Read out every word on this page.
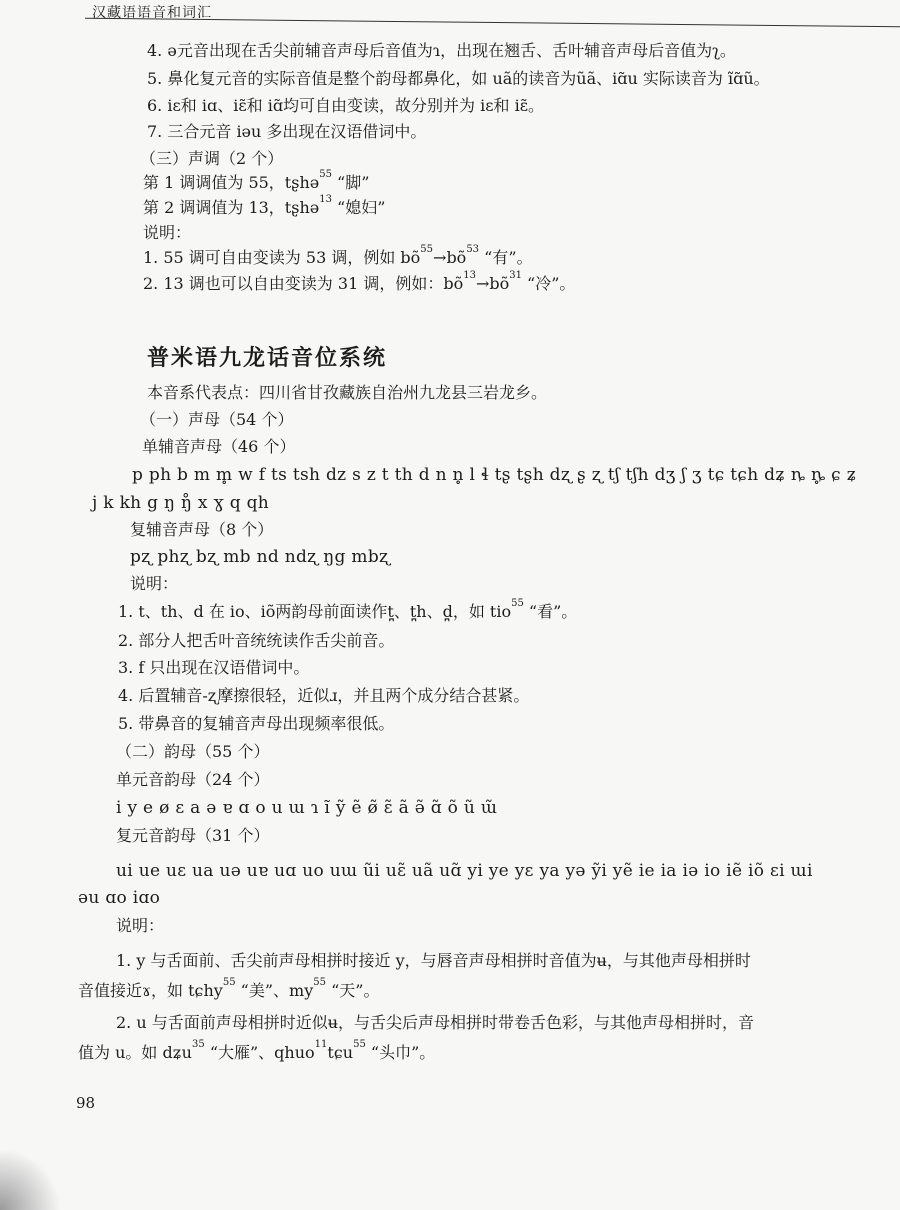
汉藏语语音和词汇
4. ə元音出现在舌尖前辅音声母后音值为ɿ，出现在翘舌、舌叶辅音声母后音值为ʅ。
5. 鼻化复元音的实际音值是整个韵母都鼻化，如 uã的读音为ũã、iɑ̃u 实际读音为 ĩɑ̃ũ。
6. iɛ和 iɑ、iɛ̃和 iɑ̃均可自由变读，故分别并为 iɛ和 iɛ̃。
7. 三合元音 iəu 多出现在汉语借词中。
（三）声调（2 个）
第 1 调调值为 55，tʂhə$^{55}$ “脚”
第 2 调调值为 13，tʂhə$^{13}$ “媳妇”
说明：
1. 55 调可自由变读为 53 调，例如 $bõ^{55}\to bõ^{53}$ “有”。
2. 13 调也可以自由变读为 31 调，例如：$bõ^{13}\to bõ^{31}$ “冷”。
普米语九龙话音位系统
本音系代表点：四川省甘孜藏族自治州九龙县三岩龙乡。
（一）声母（54 个）
单辅音声母（46 个）
p ph b m m̥ w f ts tsh dz s z t th d n n̥ l ɬ tʂ tʂh dʐ ʂ ʐ tʃ tʃh dʒ ʃ ʒ tɕ tɕh dʑ ȵ ȵ̥ ɕ ʑ
j k kh g ŋ ŋ̊ x ɣ q qh
复辅音声母（8 个）
pʐ phʐ bʐ mb nd ndʐ ŋg mbʐ
说明：
1. t、th、d 在 io、iõ两韵母前面读作t̪、t̪h、d̪，如 tio$^{55}$ “看”。
2. 部分人把舌叶音统统读作舌尖前音。
3. f 只出现在汉语借词中。
4. 后置辅音-ʐ摩擦很轻，近似ɹ，并且两个成分结合甚紧。
5. 带鼻音的复辅音声母出现频率很低。
（二）韵母（55 个）
单元音韵母（24 个）
i y e ø ɛ a ə ɐ ɑ o u ɯ ɿ ĩ ỹ ẽ ø̃ ɛ̃ ã ə̃ ɑ̃ õ ũ ɯ̃
复元音韵母（31 个）
ui ue uɛ ua uə uɐ uɑ uo uɯ ũi uɛ̃ uã uɑ̃ yi ye yɛ ya yə ỹi yẽ ie ia iə io iẽ iõ ɛi ɯi
əu ɑo iɑo
说明：
1. y 与舌面前、舌尖前声母相拼时接近 y，与唇音声母相拼时音值为ʉ，与其他声母相拼时
音值接近ɤ，如 tɕhy$^{55}$ “美”、$my^{55}$ “天”。
2. u 与舌面前声母相拼时近似ʉ，与舌尖后声母相拼时带卷舌色彩，与其他声母相拼时，音
值为 u。如 dʑu$^{35}$ “大雁”、qhuo$^{11}$tɕu$^{55}$ “头巾”。
98
